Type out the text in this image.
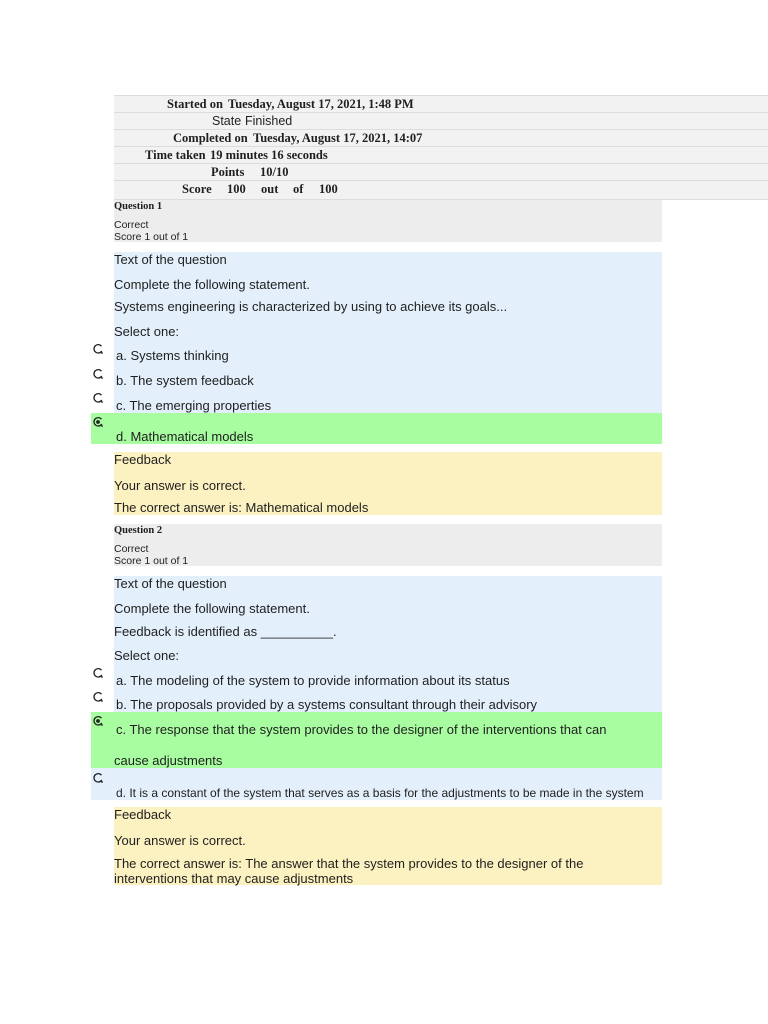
Started on Tuesday, August 17, 2021, 1:48 PM
State Finished
Completed on Tuesday, August 17, 2021, 14:07
Time taken 19 minutes 16 seconds
Points 10/10
Score 100 out of 100
Question 1
Correct
Score 1 out of 1
Text of the question
Complete the following statement.
Systems engineering is characterized by using to achieve its goals...
Select one:
a. Systems thinking
b. The system feedback
c. The emerging properties
d. Mathematical models
Feedback
Your answer is correct.
The correct answer is: Mathematical models
Question 2
Correct
Score 1 out of 1
Text of the question
Complete the following statement.
Feedback is identified as __________.
Select one:
a. The modeling of the system to provide information about its status
b. The proposals provided by a systems consultant through their advisory
c. The response that the system provides to the designer of the interventions that can
cause adjustments
d. It is a constant of the system that serves as a basis for the adjustments to be made in the system
Feedback
Your answer is correct.
The correct answer is: The answer that the system provides to the designer of the
interventions that may cause adjustments
